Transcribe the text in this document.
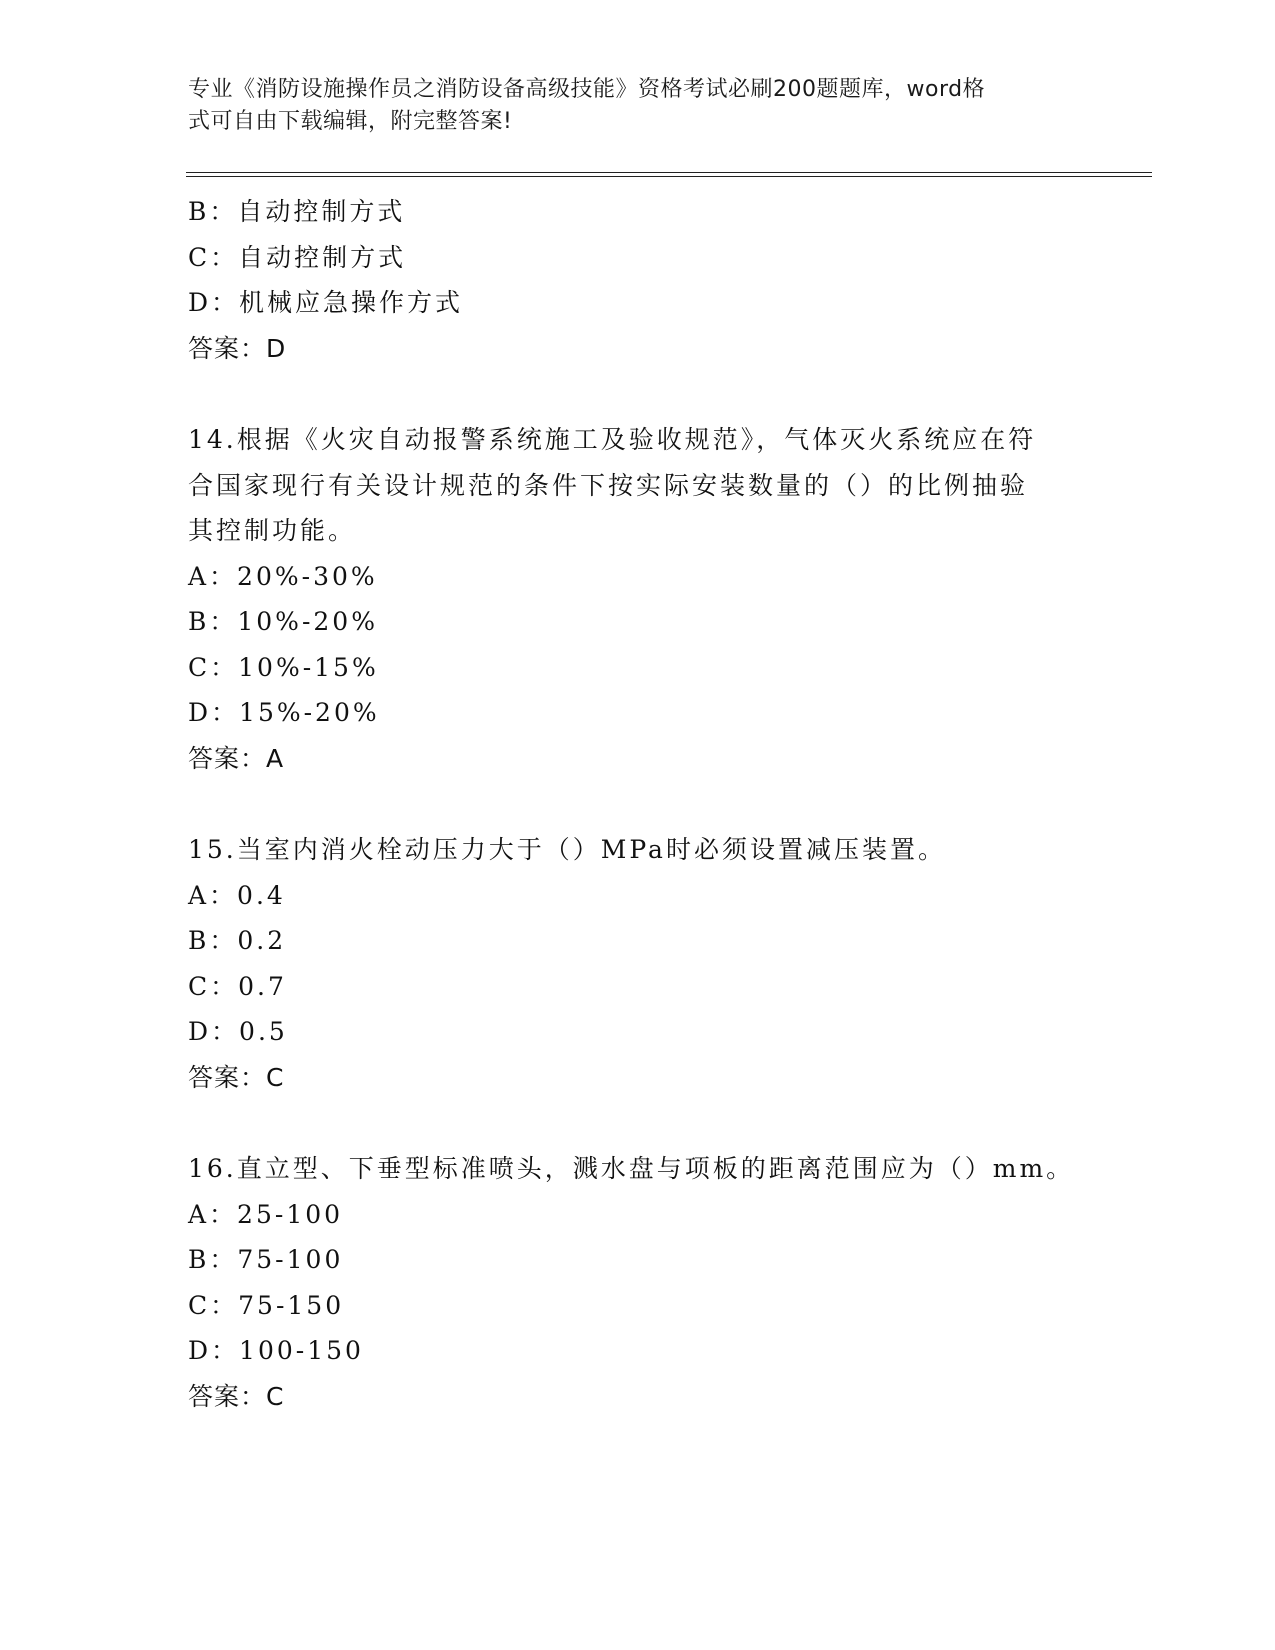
专业《消防设施操作员之消防设备高级技能》资格考试必刷200题题库，word格
式可自由下载编辑，附完整答案!
B：自动控制方式
C：自动控制方式
D：机械应急操作方式
答案：D
14.根据《火灾自动报警系统施工及验收规范》，气体灭火系统应在符
合国家现行有关设计规范的条件下按实际安装数量的（）的比例抽验
其控制功能。
A：20%-30%
B：10%-20%
C：10%-15%
D：15%-20%
答案：A
15.当室内消火栓动压力大于（）MPa时必须设置减压装置。
A：0.4
B：0.2
C：0.7
D：0.5
答案：C
16.直立型、下垂型标准喷头，溅水盘与项板的距离范围应为（）mm。
A：25-100
B：75-100
C：75-150
D：100-150
答案：C
